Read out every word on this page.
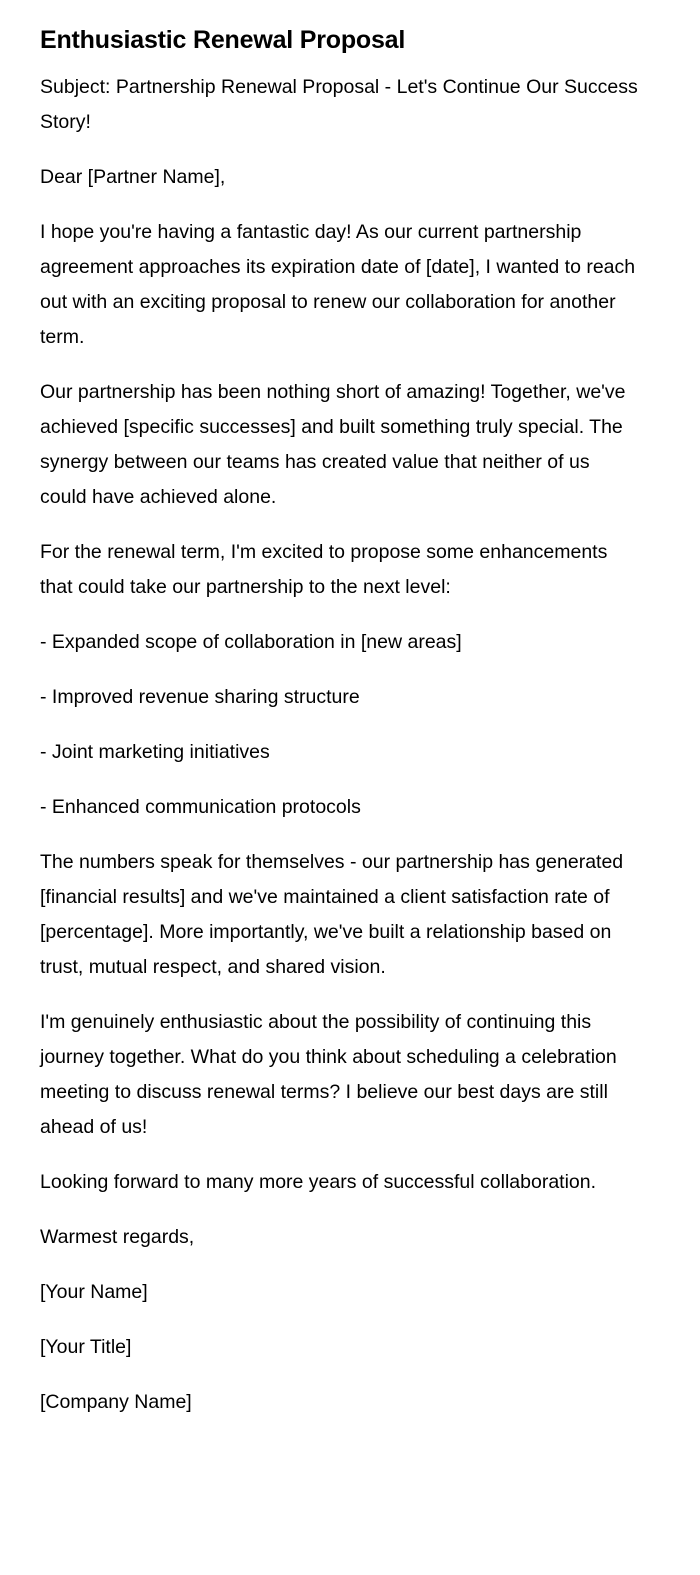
Enthusiastic Renewal Proposal

Subject: Partnership Renewal Proposal - Let's Continue Our Success Story!

Dear [Partner Name],

I hope you're having a fantastic day! As our current partnership agreement approaches its expiration date of [date], I wanted to reach out with an exciting proposal to renew our collaboration for another term.

Our partnership has been nothing short of amazing! Together, we've achieved [specific successes] and built something truly special. The synergy between our teams has created value that neither of us could have achieved alone.

For the renewal term, I'm excited to propose some enhancements that could take our partnership to the next level:

- Expanded scope of collaboration in [new areas]

- Improved revenue sharing structure

- Joint marketing initiatives

- Enhanced communication protocols

The numbers speak for themselves - our partnership has generated [financial results] and we've maintained a client satisfaction rate of [percentage]. More importantly, we've built a relationship based on trust, mutual respect, and shared vision.

I'm genuinely enthusiastic about the possibility of continuing this journey together. What do you think about scheduling a celebration meeting to discuss renewal terms? I believe our best days are still ahead of us!

Looking forward to many more years of successful collaboration.

Warmest regards,

[Your Name]

[Your Title]

[Company Name]
